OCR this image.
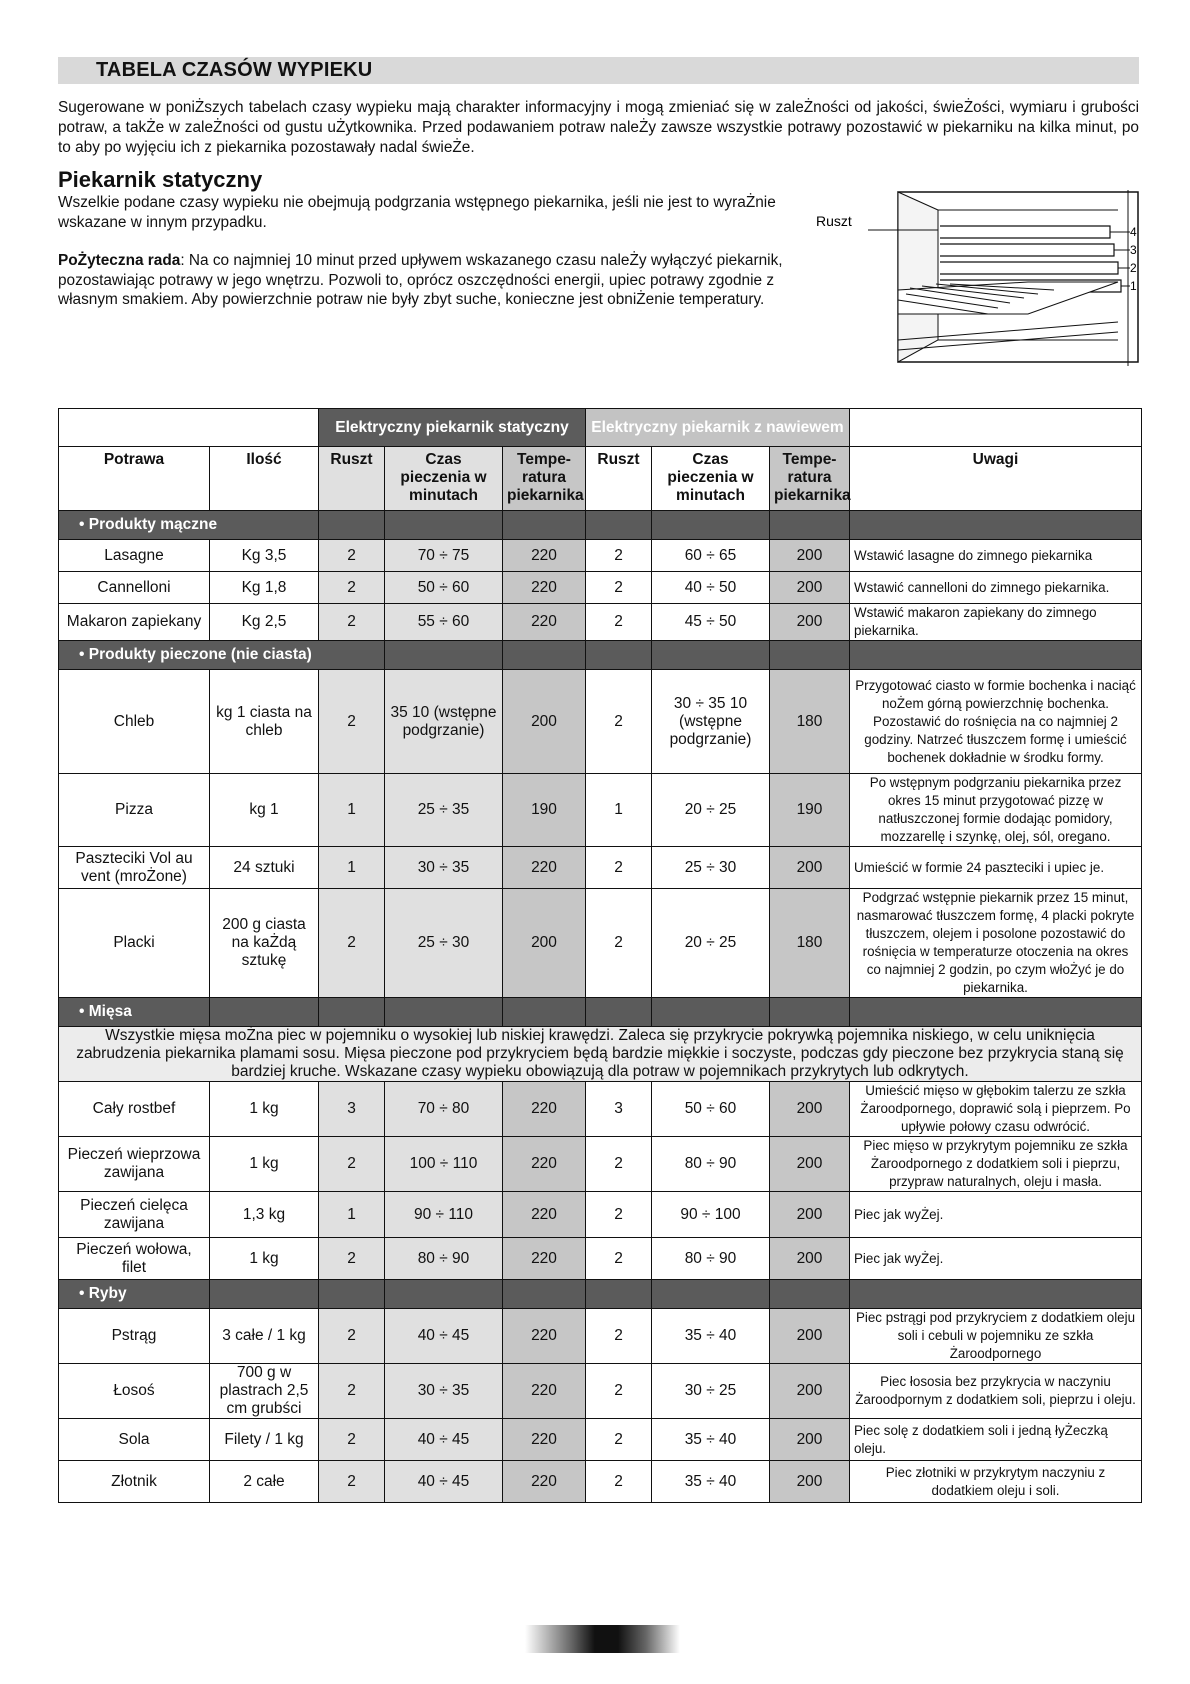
TABELA CZASÓW WYPIEKU

Sugerowane w poniŻszych tabelach czasy wypieku mają charakter informacyjny i mogą zmieniać się w zaleŻności od jakości, świeŻości, wymiaru i grubości potraw, a takŻe w zaleŻności od gustu uŻytkownika. Przed podawaniem potraw naleŻy zawsze wszystkie potrawy pozostawić w piekarniku na kilka minut, po to aby po wyjęciu ich z piekarnika pozostawały nadal świeŻe.

Piekarnik statyczny

Wszelkie podane czasy wypieku nie obejmują podgrzania wstępnego piekarnika, jeśli nie jest to wyraŻnie wskazane w innym przypadku.

PoŻyteczna rada: Na co najmniej 10 minut przed upływem wskazanego czasu naleŻy wyłączyć piekarnik, pozostawiając potrawy w jego wnętrzu. Pozwoli to, oprócz oszczędności energii, upiec potrawy zgodnie z własnym smakiem. Aby powierzchnie potraw nie były zbyt suche, konieczne jest obniŻenie temperatury.

Ruszt
4
3
2
1
		Elektryczny piekarnik statyczny			Elektryczny piekarnik z nawiewem			
Potrawa	Ilość	Ruszt	Czas pieczenia w minutach	Tempe-ratura piekarnika	Ruszt	Czas pieczenia w minutach	Tempe-ratura piekarnika	Uwagi
• Produkty mączne								
Lasagne	Kg 3,5	2	70 ÷ 75	220	2	60 ÷ 65	200	Wstawić lasagne do zimnego piekarnika
Cannelloni	Kg 1,8	2	50 ÷ 60	220	2	40 ÷ 50	200	Wstawić cannelloni do zimnego piekarnika.
Makaron zapiekany	Kg 2,5	2	55 ÷ 60	220	2	45 ÷ 50	200	Wstawić makaron zapiekany do zimnego piekarnika.
• Produkty pieczone (nie ciasta)								
Chleb	kg 1 ciasta na chleb	2	35 10 (wstępne podgrzanie)	200	2	30 ÷ 35 10 (wstępne podgrzanie)	180	Przygotować ciasto w formie bochenka i naciąć noŻem górną powierzchnię bochenka. Pozostawić do rośnięcia na co najmniej 2 godziny. Natrzeć tłuszczem formę i umieścić bochenek dokładnie w środku formy.
Pizza	kg 1	1	25 ÷ 35	190	1	20 ÷ 25	190	Po wstępnym podgrzaniu piekarnika przez okres 15 minut przygotować pizzę w natłuszczonej formie dodając pomidory, mozzarellę i szynkę, olej, sól, oregano.
Paszteciki Vol au vent (mroŻone)	24 sztuki	1	30 ÷ 35	220	2	25 ÷ 30	200	Umieścić w formie 24 paszteciki i upiec je.
Placki	200 g ciasta na kaŻdą sztukę	2	25 ÷ 30	200	2	20 ÷ 25	180	Podgrzać wstępnie piekarnik przez 15 minut, nasmarować tłuszczem formę, 4 placki pokryte tłuszczem, olejem i posolone pozostawić do rośnięcia w temperaturze otoczenia na okres co najmniej 2 godzin, po czym włoŻyć je do piekarnika.
• Mięsa								
Wszystkie mięsa moŻna piec w pojemniku o wysokiej lub niskiej krawędzi. Zaleca się przykrycie pokrywką pojemnika niskiego, w celu uniknięcia zabrudzenia piekarnika plamami sosu. Mięsa pieczone pod przykryciem będą bardzie miękkie i soczyste, podczas gdy pieczone bez przykrycia staną się bardziej kruche. Wskazane czasy wypieku obowiązują dla potraw w pojemnikach przykrytych lub odkrytych.								
Cały rostbef	1 kg	3	70 ÷ 80	220	3	50 ÷ 60	200	Umieścić mięso w głębokim talerzu ze szkła Żaroodpornego, doprawić solą i pieprzem. Po upływie połowy czasu odwrócić.
Pieczeń wieprzowa zawijana	1 kg	2	100 ÷ 110	220	2	80 ÷ 90	200	Piec mięso w przykrytym pojemniku ze szkła Żaroodpornego z dodatkiem soli i pieprzu, przypraw naturalnych, oleju i masła.
Pieczeń cielęca zawijana	1,3 kg	1	90 ÷ 110	220	2	90 ÷ 100	200	Piec jak wyŻej.
Pieczeń wołowa, filet	1 kg	2	80 ÷ 90	220	2	80 ÷ 90	200	Piec jak wyŻej.
• Ryby								
Pstrąg	3 całe / 1 kg	2	40 ÷ 45	220	2	35 ÷ 40	200	Piec pstrągi pod przykryciem z dodatkiem oleju soli i cebuli w pojemniku ze szkła Żaroodpornego
Łosoś	700 g w plastrach 2,5 cm grubści	2	30 ÷ 35	220	2	30 ÷ 25	200	Piec łososia bez przykrycia w naczyniu Żaroodpornym z dodatkiem soli, pieprzu i oleju.
Sola	Filety / 1 kg	2	40 ÷ 45	220	2	35 ÷ 40	200	Piec solę z dodatkiem soli i jedną łyŻeczką oleju.
Złotnik	2 całe	2	40 ÷ 45	220	2	35 ÷ 40	200	Piec złotniki w przykrytym naczyniu z dodatkiem oleju i soli.
